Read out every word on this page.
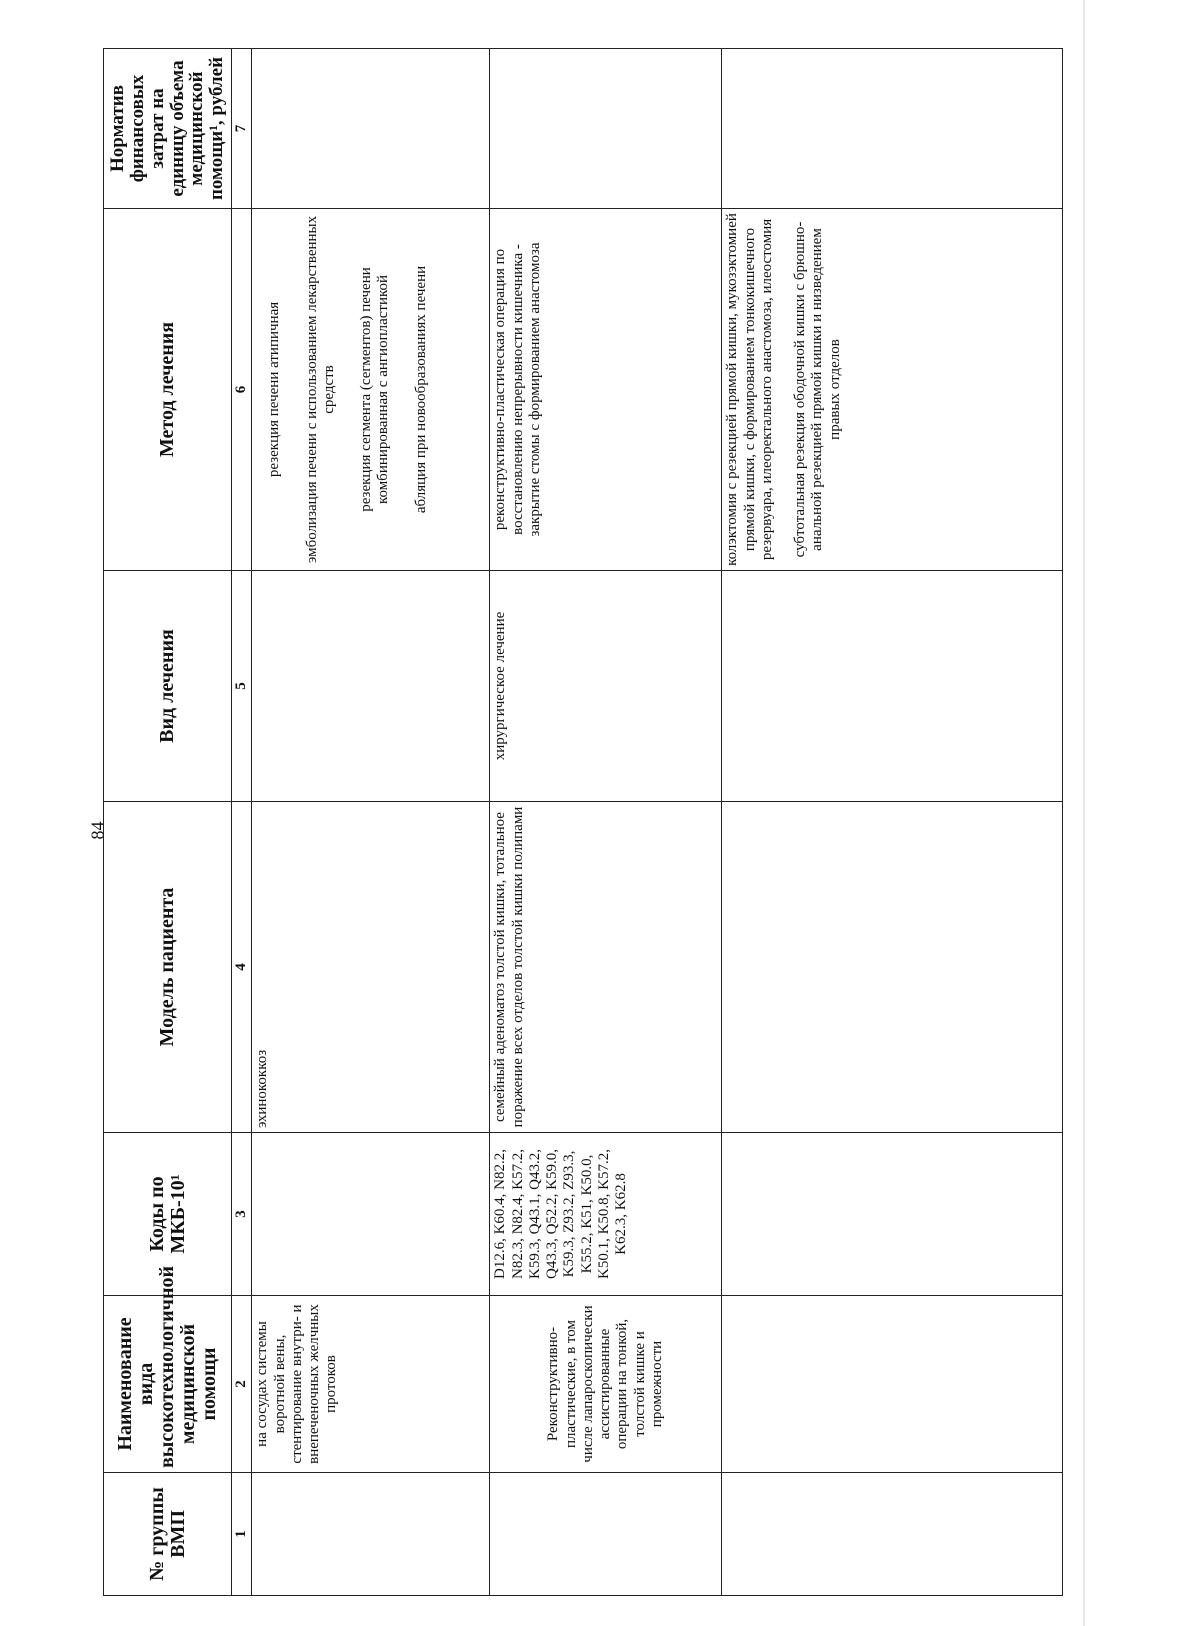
84
№ группы ВМП	Наименование вида высокотехнологичной медицинской помощи	Коды по МКБ-10¹	Модель пациента	Вид лечения	Метод лечения	Норматив финансовых затрат на единицу объема медицинской помощи¹, рублей
1	2	3	4	5	6	7
	на сосудах системы воротной вены, стентирование внутри- и внепеченочных желчных протоков		эхинококкоз		резекция печени атипичная эмболизация печени с использованием лекарственных средств резекция сегмента (сегментов) печени комбинированная с ангиопластикой абляция при новообразованиях печени	

	Реконструктивно-пластические, в том числе лапароскопически ассистированные операции на тонкой, толстой кишке и промежности	D12.6, K60.4, N82.2, N82.3, N82.4, K57.2, K59.3, Q43.1, Q43.2, Q43.3, Q52.2, K59.0, K59.3, Z93.2, Z93.3, K55.2, K51, K50.0, K50.1, K50.8, K57.2, K62.3, K62.8	семейный аденоматоз толстой кишки, тотальное поражение всех отделов толстой кишки полипами	хирургическое лечение	реконструктивно-пластическая операция по восстановлению непрерывности кишечника - закрытие стомы с формированием анастомоза	

					колэктомия с резекцией прямой кишки, мукозэктомией прямой кишки, с формированием тонкокишечного резервуара, илеоректального анастомоза, илеостомия субтотальная резекция ободочной кишки с брюшно-анальной резекцией прямой кишки и низведением правых отделов	
